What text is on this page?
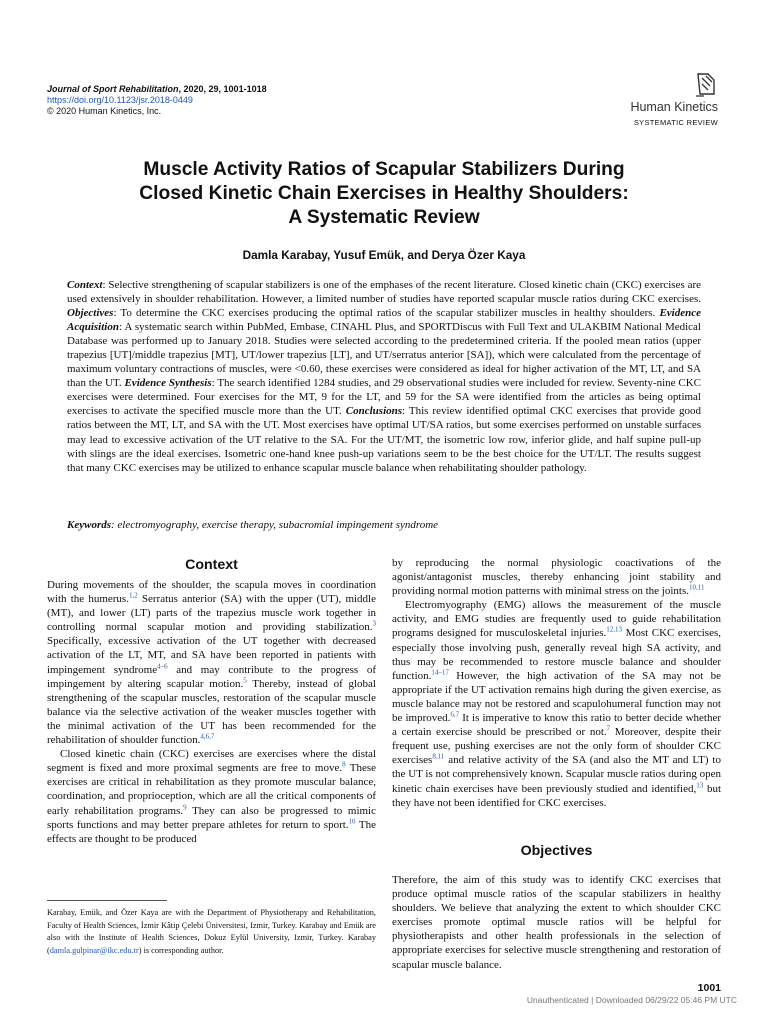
Journal of Sport Rehabilitation, 2020, 29, 1001-1018
https://doi.org/10.1123/jsr.2018-0449
© 2020 Human Kinetics, Inc.	Human Kinetics
SYSTEMATIC REVIEW
Muscle Activity Ratios of Scapular Stabilizers During
Closed Kinetic Chain Exercises in Healthy Shoulders:
A Systematic Review
Damla Karabay, Yusuf Emük, and Derya Özer Kaya
Context: Selective strengthening of scapular stabilizers is one of the emphases of the recent literature. Closed kinetic chain (CKC) exercises are used extensively in shoulder rehabilitation. However, a limited number of studies have reported scapular muscle ratios during CKC exercises. Objectives: To determine the CKC exercises producing the optimal ratios of the scapular stabilizer muscles in healthy shoulders. Evidence Acquisition: A systematic search within PubMed, Embase, CINAHL Plus, and SPORTDiscus with Full Text and ULAKBIM National Medical Database was performed up to January 2018. Studies were selected according to the predetermined criteria. If the pooled mean ratios (upper trapezius [UT]/middle trapezius [MT], UT/lower trapezius [LT], and UT/serratus anterior [SA]), which were calculated from the percentage of maximum voluntary contractions of muscles, were <0.60, these exercises were considered as ideal for higher activation of the MT, LT, and SA than the UT. Evidence Synthesis: The search identified 1284 studies, and 29 observational studies were included for review. Seventy-nine CKC exercises were determined. Four exercises for the MT, 9 for the LT, and 59 for the SA were identified from the articles as being optimal exercises to activate the specified muscle more than the UT. Conclusions: This review identified optimal CKC exercises that provide good ratios between the MT, LT, and SA with the UT. Most exercises have optimal UT/SA ratios, but some exercises performed on unstable surfaces may lead to excessive activation of the UT relative to the SA. For the UT/MT, the isometric low row, inferior glide, and half supine pull-up with slings are the ideal exercises. Isometric one-hand knee push-up variations seem to be the best choice for the UT/LT. The results suggest that many CKC exercises may be utilized to enhance scapular muscle balance when rehabilitating shoulder pathology.
Keywords: electromyography, exercise therapy, subacromial impingement syndrome
Context

During movements of the shoulder, the scapula moves in coordination with the humerus.$^{1,2}$ Serratus anterior (SA) with the upper (UT), middle (MT), and lower (LT) parts of the trapezius muscle work together in controlling normal scapular motion and providing stabilization.$^3$ Specifically, excessive activation of the UT together with decreased activation of the LT, MT, and SA have been reported in patients with impingement syndrome$^{4-6}$ and may contribute to the progress of impingement by altering scapular motion.$^5$ Thereby, instead of global strengthening of the scapular muscles, restoration of the scapular muscle balance via the selective activation of the weaker muscles together with the minimal activation of the UT has been recommended for the rehabilitation of shoulder function.$^{4,6,7}$

Closed kinetic chain (CKC) exercises are exercises where the distal segment is fixed and more proximal segments are free to move.$^8$ These exercises are critical in rehabilitation as they promote muscular balance, coordination, and proprioception, which are all the critical components of early rehabilitation programs.$^9$ They can also be progressed to mimic sports functions and may better prepare athletes for return to sport.$^{10}$ The effects are thought to be produced

by reproducing the normal physiologic coactivations of the agonist/antagonist muscles, thereby enhancing joint stability and providing normal motion patterns with minimal stress on the joints.$^{10,11}$

Electromyography (EMG) allows the measurement of the muscle activity, and EMG studies are frequently used to guide rehabilitation programs designed for musculoskeletal injuries.$^{12,13}$ Most CKC exercises, especially those involving push, generally reveal high SA activity, and thus may be recommended to restore muscle balance and shoulder function.$^{14-17}$ However, the high activation of the SA may not be appropriate if the UT activation remains high during the given exercise, as muscle balance may not be restored and scapulohumeral function may not be improved.$^{6,7}$ It is imperative to know this ratio to better decide whether a certain exercise should be prescribed or not.$^7$ Moreover, despite their frequent use, pushing exercises are not the only form of shoulder CKC exercises$^{8,11}$ and relative activity of the SA (and also the MT and LT) to the UT is not comprehensively known. Scapular muscle ratios during open kinetic chain exercises have been previously studied and identified,$^{13}$ but they have not been identified for CKC exercises.

Objectives

Therefore, the aim of this study was to identify CKC exercises that produce optimal muscle ratios of the scapular stabilizers in healthy shoulders. We believe that analyzing the extent to which shoulder CKC exercises promote optimal muscle ratios will be helpful for physiotherapists and other health professionals in the selection of appropriate exercises for selective muscle strengthening and restoration of scapular muscle balance.

Karabay, Emük, and Özer Kaya are with the Department of Physiotherapy and Rehabilitation, Faculty of Health Sciences, İzmir Kâtip Çelebi Üniversitesi, Izmir, Turkey. Karabay and Emük are also with the Institute of Health Sciences, Dokuz Eylül University, Izmir, Turkey. Karabay (damla.gulpinar@ikc.edu.tr) is corresponding author.
1001
Unauthenticated | Downloaded 06/29/22 05:46 PM UTC
